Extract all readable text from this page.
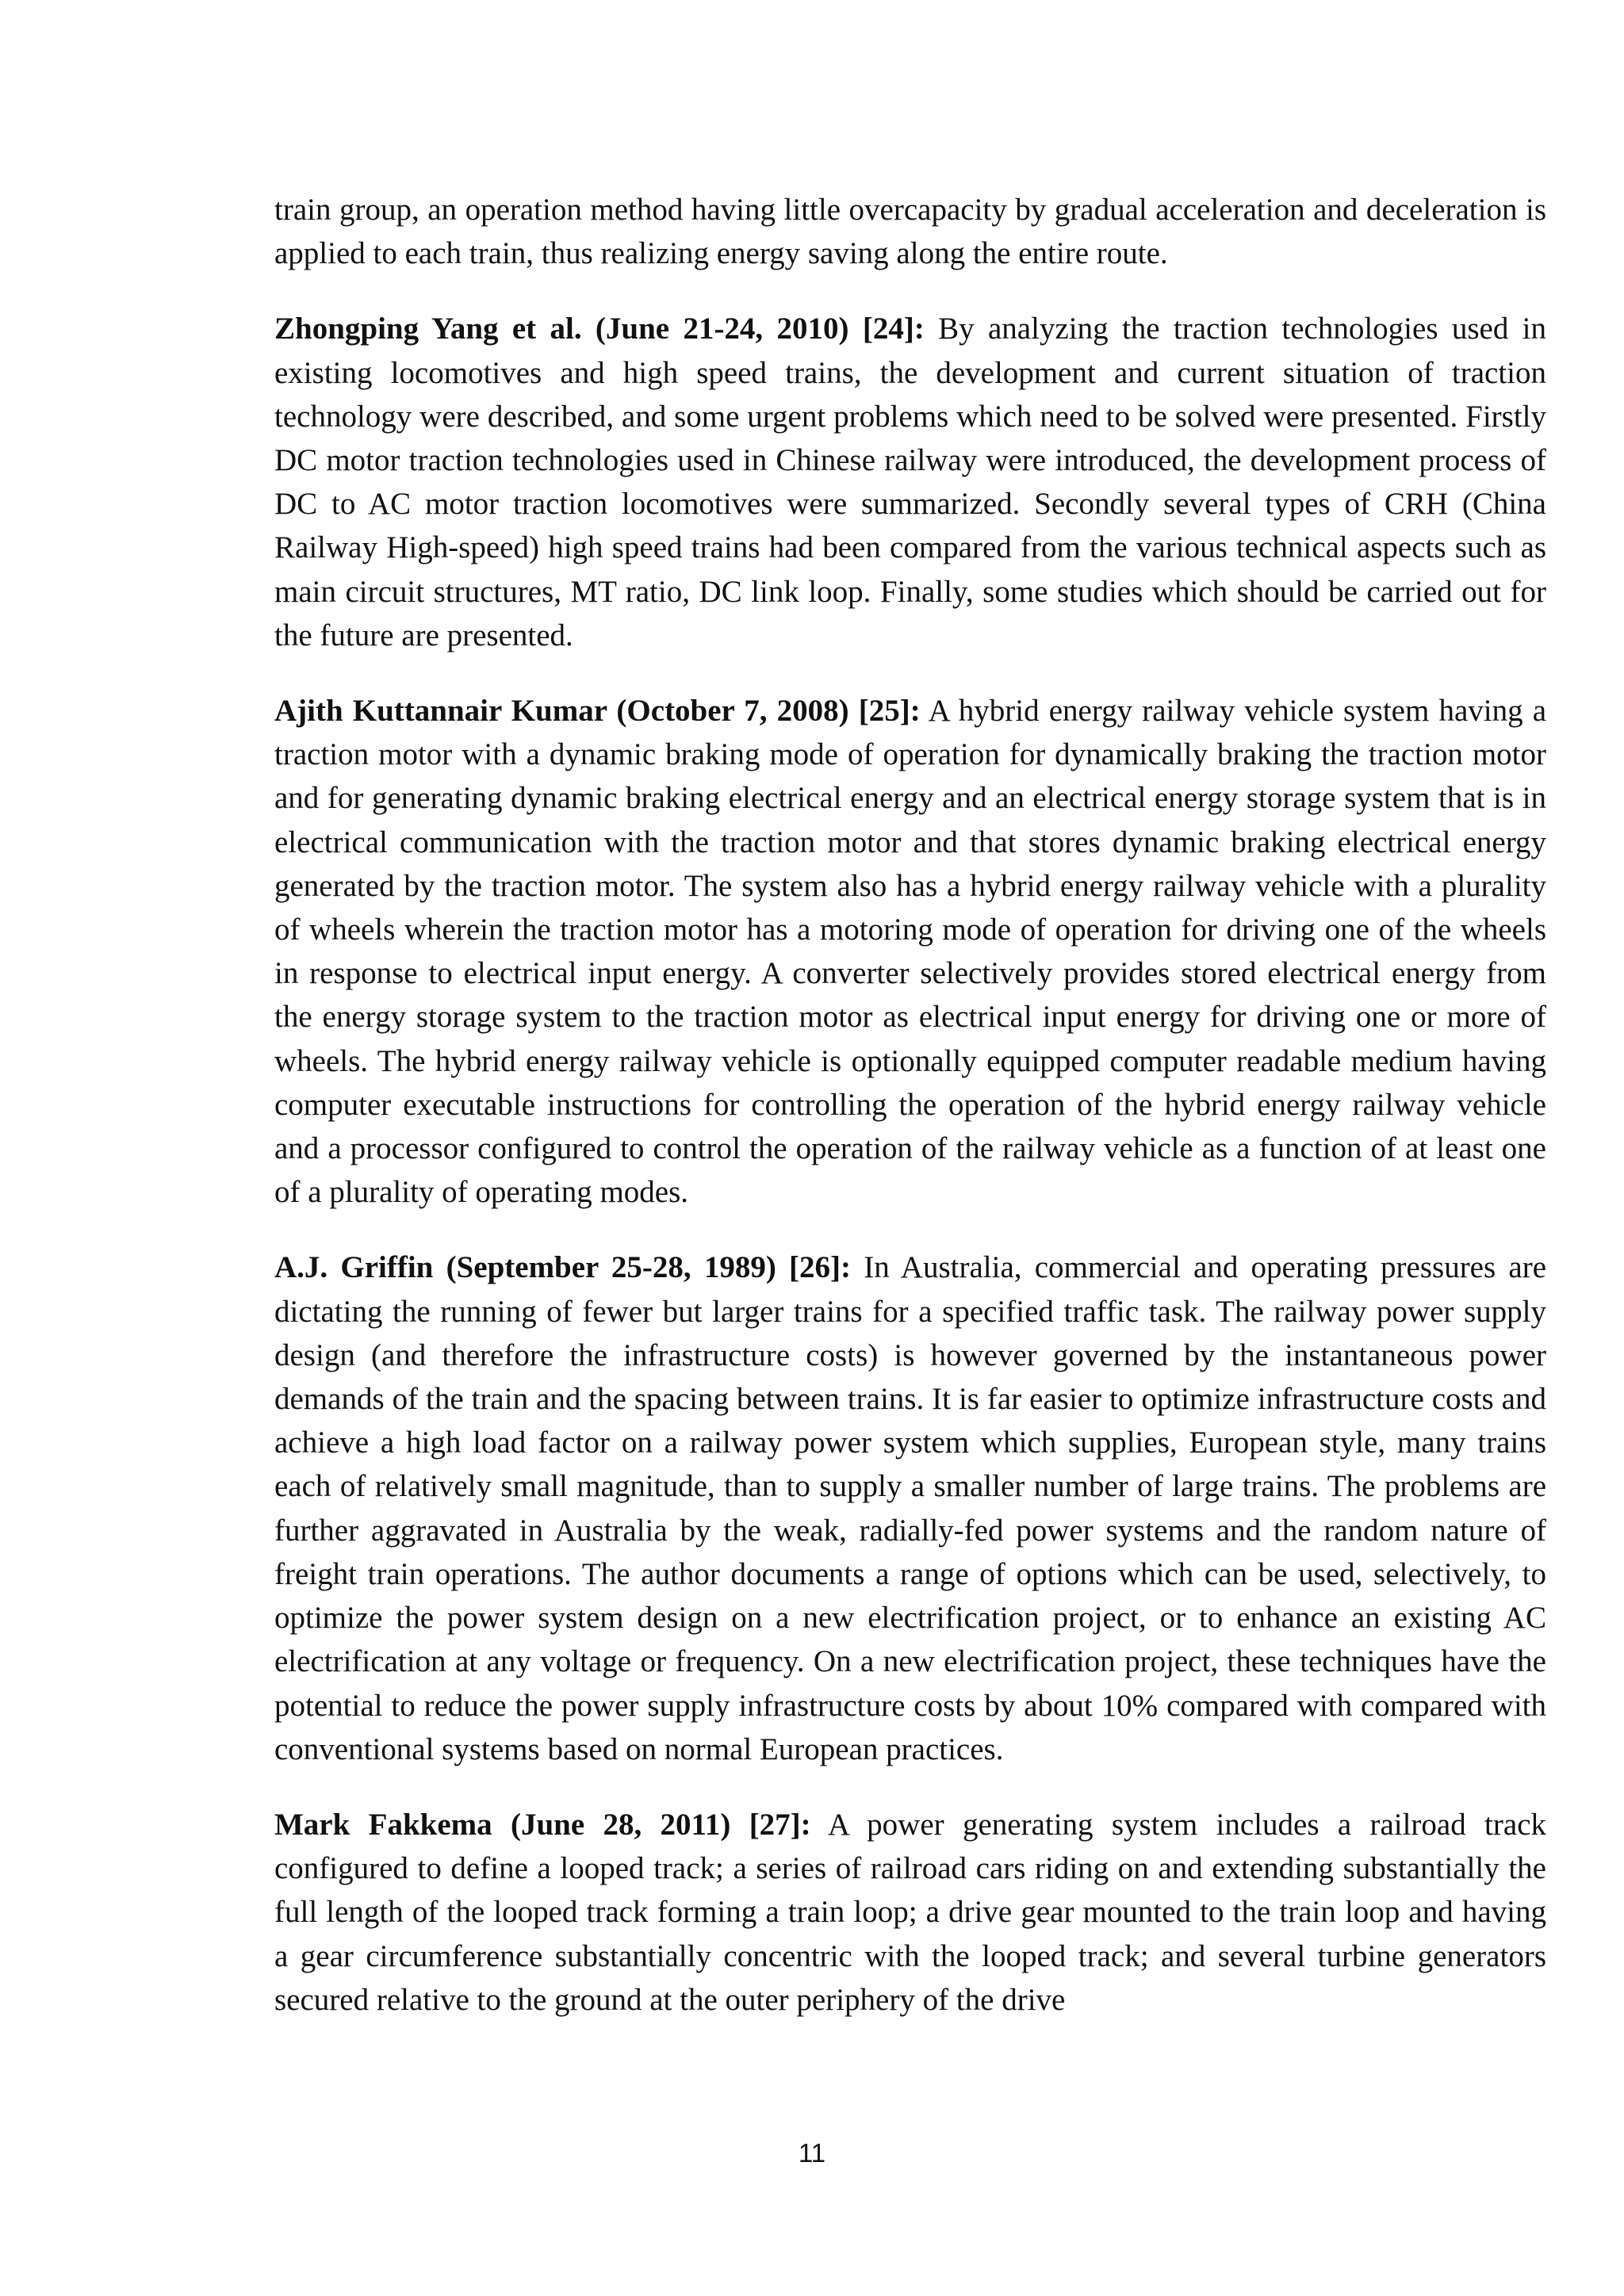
train group, an operation method having little overcapacity by gradual acceleration and deceleration is applied to each train, thus realizing energy saving along the entire route.

Zhongping Yang et al. (June 21-24, 2010) [24]: By analyzing the traction technologies used in existing locomotives and high speed trains, the development and current situation of traction technology were described, and some urgent problems which need to be solved were presented. Firstly DC motor traction technologies used in Chinese railway were introduced, the development process of DC to AC motor traction locomotives were summarized. Secondly several types of CRH (China Railway High-speed) high speed trains had been compared from the various technical aspects such as main circuit structures, MT ratio, DC link loop. Finally, some studies which should be carried out for the future are presented.

Ajith Kuttannair Kumar (October 7, 2008) [25]: A hybrid energy railway vehicle system having a traction motor with a dynamic braking mode of operation for dynamically braking the traction motor and for generating dynamic braking electrical energy and an electrical energy storage system that is in electrical communication with the traction motor and that stores dynamic braking electrical energy generated by the traction motor. The system also has a hybrid energy railway vehicle with a plurality of wheels wherein the traction motor has a motoring mode of operation for driving one of the wheels in response to electrical input energy. A converter selectively provides stored electrical energy from the energy storage system to the traction motor as electrical input energy for driving one or more of wheels. The hybrid energy railway vehicle is optionally equipped computer readable medium having computer executable instructions for controlling the operation of the hybrid energy railway vehicle and a processor configured to control the operation of the railway vehicle as a function of at least one of a plurality of operating modes.

A.J. Griffin (September 25-28, 1989) [26]: In Australia, commercial and operating pressures are dictating the running of fewer but larger trains for a specified traffic task. The railway power supply design (and therefore the infrastructure costs) is however governed by the instantaneous power demands of the train and the spacing between trains. It is far easier to optimize infrastructure costs and achieve a high load factor on a railway power system which supplies, European style, many trains each of relatively small magnitude, than to supply a smaller number of large trains. The problems are further aggravated in Australia by the weak, radially-fed power systems and the random nature of freight train operations. The author documents a range of options which can be used, selectively, to optimize the power system design on a new electrification project, or to enhance an existing AC electrification at any voltage or frequency. On a new electrification project, these techniques have the potential to reduce the power supply infrastructure costs by about 10% compared with compared with conventional systems based on normal European practices.

Mark Fakkema (June 28, 2011) [27]: A power generating system includes a railroad track configured to define a looped track; a series of railroad cars riding on and extending substantially the full length of the looped track forming a train loop; a drive gear mounted to the train loop and having a gear circumference substantially concentric with the looped track; and several turbine generators secured relative to the ground at the outer periphery of the drive

11
